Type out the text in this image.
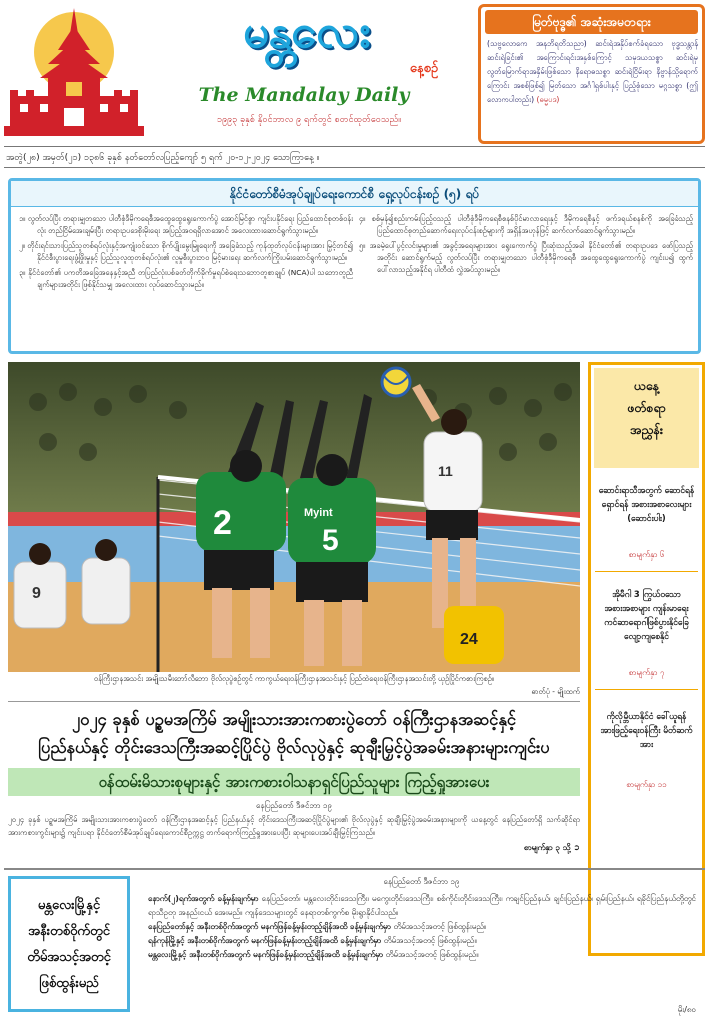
မန္တလေး
နေ့စဉ်
The Mandalay Daily
၁၉၉၃ ခုနှစ် နိုဝင်ဘာလ ၉ ရက်တွင် စတင်ထုတ်ဝေသည်။
မြတ်ဗုဒ္ဓ၏ အဆုံးအမတရား
(သဗ္ဗလောကေ အနဘိရတိသညာ) ဆင်းရဲအနှိပ်စက်ခံရသော ဗုဒ္ဓသန္တာန် ဆင်းရဲခြင်း၏ အကြောင်းရင်းအနှစ်ကြောင့် သမုဒယသစ္စာ ဆင်းရဲမှ လွတ်မြောက်ရာအနှိမ်းဖြစ်သော နိရောဓသစ္စာ ဆင်းရဲငြိမ်းရာ နိဗ္ဗာန်သို့ရောက်ကြောင်း အစစ်ဖြစ်၍ မြတ်သော အင်္ဂါရှစ်ပါးနှင့် ပြည့်စုံသော မဂ္ဂသစ္စာ (ဤလောကပါတည်း) (ဓမ္မပဒ)
အတွဲ(၂၈) အမှတ်(၂၁) ၁၃၈၆ ခုနှစ် နတ်တော်လပြည့်ကျော် ၅ ရက် ၂၀-၁၂-၂၀၂၄ သောကြာနေ့ ။
နိုင်ငံတော်စီမံအုပ်ချုပ်ရေးကောင်စီ ရှေ့လုပ်ငန်းစဉ် (၅) ရပ်

၁။ လွတ်လပ်ပြီး တရားမျှတသော ပါတီစုံဒီမိုကရေစီအထွေထွေရွေးကောက်ပွဲ အောင်မြင်စွာ ကျင်းပနိုင်ရေး ပြည်ထောင်စုတစ်ဝန်းလုံး တည်ငြိမ်အေးချမ်းပြီး တရားဥပဒေစိုးမိုးရေး အပြည့်အဝရရှိလာအောင် အလေးထားဆောင်ရွက်သွားမည်။

၂။ တိုင်းရင်းသားပြည်သူတစ်ရပ်လုံးနှင့်အကျုံးဝင်သော စိုက်ပျိုးမွေးမြူရေးကို အခြေခံသည့် ကုန်ထုတ်လုပ်ငန်းများအား မြှင့်တင်၍ နိုင်ငံစီးပွားရေးဖွံ့ဖြိုးမှုနှင့် ပြည်သူလူထုတစ်ရပ်လုံး၏ လူမှုစီးပွားဘဝ မြင့်မားရေး ဆက်လက်ကြိုးပမ်းဆောင်ရွက်သွားမည်။

၃။ နိုင်ငံတော်၏ ပကတိအခြေအနေနှင့်အညီ တပြည်လုံးပစ်ခတ်တိုက်ခိုက်မှုရပ်စဲရေးသဘောတူစာချုပ် (NCA)ပါ သဘောတူညီချက်များအတိုင်း ဖြစ်နိုင်သမျှ အလေးထား လုပ်ဆောင်သွားမည်။

၄။ စစ်မှန်၍စည်းကမ်းပြည့်ဝသည့် ပါတီစုံဒီမိုကရေစီစနစ်ပိုင်မာလာရေးနှင့် ဒီမိုကရေစီနှင့် ဖက်ဒရယ်စနစ်ကို အခြေခံသည့် ပြည်ထောင်စုတည်ဆောက်ရေးလုပ်ငန်းစဉ်များကို အရှိန်အဟုန်ဖြင့် ဆက်လက်ဆောင်ရွက်သွားမည်။

၅။ အခမဲ့ပေါ်ပွင့်လင်းမှုများ၏ အခွင့်အရေးများအား ရွေးကောက်ပွဲ ပြီးဆုံးသည့်အခါ နိုင်ငံတော်၏ တရားဥပဒေ ဖော်ပြသည့်အတိုင်း ဆောင်ရွက်မည့် လွတ်လပ်ပြီး တရားမျှတသော ပါတီစုံဒီမိုကရေစီ အထွေထွေရွေးကောက်ပွဲ ကျင်းပ၍ ထွက်ပေါ်လာသည့်အနိုင်ရ ပါတီထံ လွှဲအပ်သွားမည်။

2	Myint
5
11
9
24
ဝန်ကြီးဌာနအသင်း အမျိုးသမီးဘော်လီဘော ဗိုလ်လုပွဲစဉ်တွင် ကာကွယ်ရေးဝန်ကြီးဌာနအသင်းနှင့် ပြည်ထဲရေးဝန်ကြီးဌာနအသင်းတို့ ယှဉ်ပြိုင်ကစားကြစဉ်။

ဓာတ်ပုံ - မျိုးထက်
ယနေ့
ဖတ်စရာ
အညွှန်း
ဆောင်းရာသီအတွက် ဆောင်ရန် ရှောင်ရန် အစားအစာလေးများ (ဆောင်းပါး)
စာမျက်နှာ ၆
အိုမီဂါ 3 ကြွယ်ဝသော အစားအစာများ ကျန်းမာရေး ကင်ဆာရောဂါဖြစ်ပွားနိုင်ခြေ လျော့ကျစေနိုင်
စာမျက်နှာ ၇
ကိုလိုမ္ဘီယာနိုင်ငံ ခေါ်ယူရန် အားဖြည့်ရေးဝန်ကြီး မိတ်ဆက်အား
စာမျက်နှာ ၁၁
၂၀၂၄ ခုနှစ် ပဉ္စမအကြိမ် အမျိုးသားအားကစားပွဲတော် ဝန်ကြီးဌာနအဆင့်နှင့်
ပြည်နယ်နှင့် တိုင်းဒေသကြီးအဆင့်ပြိုင်ပွဲ ဗိုလ်လုပွဲနှင့် ဆုချီးမြှင့်ပွဲအခမ်းအနားများကျင်းပ
ဝန်ထမ်းမိသားစုများနှင့် အားကစားဝါသနာရှင်ပြည်သူများ ကြည့်ရှုအားပေး
နေပြည်တော် ဒီဇင်ဘာ ၁၉
၂၀၂၄ ခုနှစ် ပဉ္စမအကြိမ် အမျိုးသားအားကစားပွဲတော် ဝန်ကြီးဌာနအဆင့်နှင့် ပြည်နယ်နှင့် တိုင်းဒေသကြီးအဆင့်ပြိုင်ပွဲများ၏ ဗိုလ်လုပွဲနှင့် ဆုချီးမြှင့်ပွဲအခမ်းအနားများကို ယနေ့တွင် နေပြည်တော်ရှိ သက်ဆိုင်ရာအားကစားကွင်းများ၌ ကျင်းပရာ နိုင်ငံတော်စီမံအုပ်ချုပ်ရေးကောင်စီဥက္ကဋ္ဌ တက်ရောက်ကြည့်ရှုအားပေးပြီး ဆုများပေးအပ်ချီးမြှင့်ကြသည်။
စာမျက်နှာ ၃ သို့ ➲
မန္တလေးမြို့နှင့်
အနီးတစ်ဝိုက်တွင်
တိမ်အသင့်အတင့်
ဖြစ်ထွန်းမည်
နေပြည်တော် ဒီဇင်ဘာ ၁၉

နောက်(၂)ရက်အတွက် ခန့်မှန်းချက်မှာ နေပြည်တော်၊ မန္တလေးတိုင်းဒေသကြီး၊ မကွေးတိုင်းဒေသကြီး၊ စစ်ကိုင်းတိုင်းဒေသကြီး၊ ကချင်ပြည်နယ်၊ ချင်းပြည်နယ်၊ ရှမ်းပြည်နယ်၊ ရခိုင်ပြည်နယ်တို့တွင် ရာသီဥတု အနည်းငယ် အေးမည်။ ကျန်ဒေသများတွင် နေရာတစ်ကွက်စ မိုးရွာနိုင်ပါသည်။

နေပြည်တော်နှင့် အနီးတစ်ဝိုက်အတွက် မနက်ဖြန်ခန့်မှန်းတည့်ချိန်အထိ ခန့်မှန်းချက်မှာ တိမ်အသင့်အတင့် ဖြစ်ထွန်းမည်။

ရန်ကုန်မြို့နှင့် အနီးတစ်ဝိုက်အတွက် မနက်ဖြန်ခန့်မှန်းတည့်ချိန်အထိ ခန့်မှန်းချက်မှာ တိမ်အသင့်အတင့် ဖြစ်ထွန်းမည်။

မန္တလေးမြို့နှင့် အနီးတစ်ဝိုက်အတွက် မနက်ဖြန်ခန့်မှန်းတည့်ချိန်အထိ ခန့်မှန်းချက်မှာ တိမ်အသင့်အတင့် ဖြစ်ထွန်းမည်။

မိုး/၈၀
